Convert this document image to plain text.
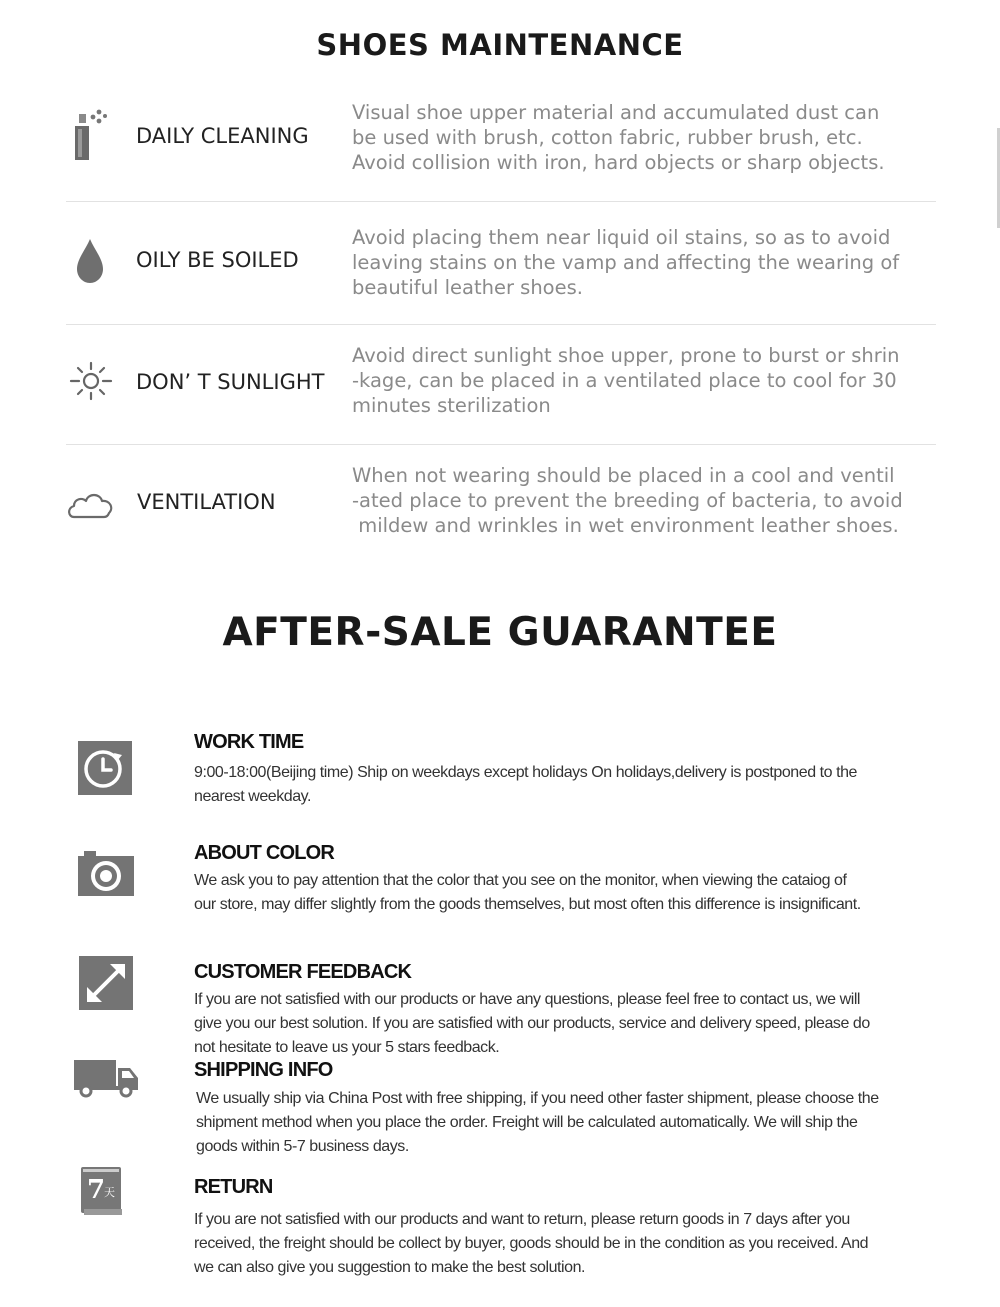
SHOES MAINTENANCE
DAILY CLEANING

Visual shoe upper material and accumulated dust can
be used with brush, cotton fabric, rubber brush, etc.
Avoid collision with iron, hard objects or sharp objects.

OILY BE SOILED

Avoid placing them near liquid oil stains, so as to avoid
leaving stains on the vamp and affecting the wearing of
beautiful leather shoes.

DON’ T SUNLIGHT

Avoid direct sunlight shoe upper, prone to burst or shrin
-kage, can be placed in a ventilated place to cool for 30
minutes sterilization

VENTILATION

When not wearing should be placed in a cool and ventil
-ated place to prevent the breeding of bacteria, to avoid
mildew and wrinkles in wet environment leather shoes.

AFTER-SALE GUARANTEE
WORK TIME

9:00-18:00(Beijing time) Ship on weekdays except holidays On holidays,delivery is postponed to the
nearest weekday.

ABOUT COLOR

We ask you to pay attention that the color that you see on the monitor, when viewing the cataiog of
our store, may differ slightly from the goods themselves, but most often this difference is insignificant.

CUSTOMER FEEDBACK

If you are not satisfied with our products or have any questions, please feel free to contact us, we will
give you our best solution. If you are satisfied with our products, service and delivery speed, please do
not hesitate to leave us your 5 stars feedback.

SHIPPING INFO

We usually ship via China Post with free shipping, if you need other faster shipment, please choose the
shipment method when you place the order. Freight will be calculated automatically. We will ship the
goods within 5-7 business days.

7
天	RETURN

If you are not satisfied with our products and want to return, please return goods in 7 days after you
received, the freight should be collect by buyer, goods should be in the condition as you received. And
we can also give you suggestion to make the best solution.
